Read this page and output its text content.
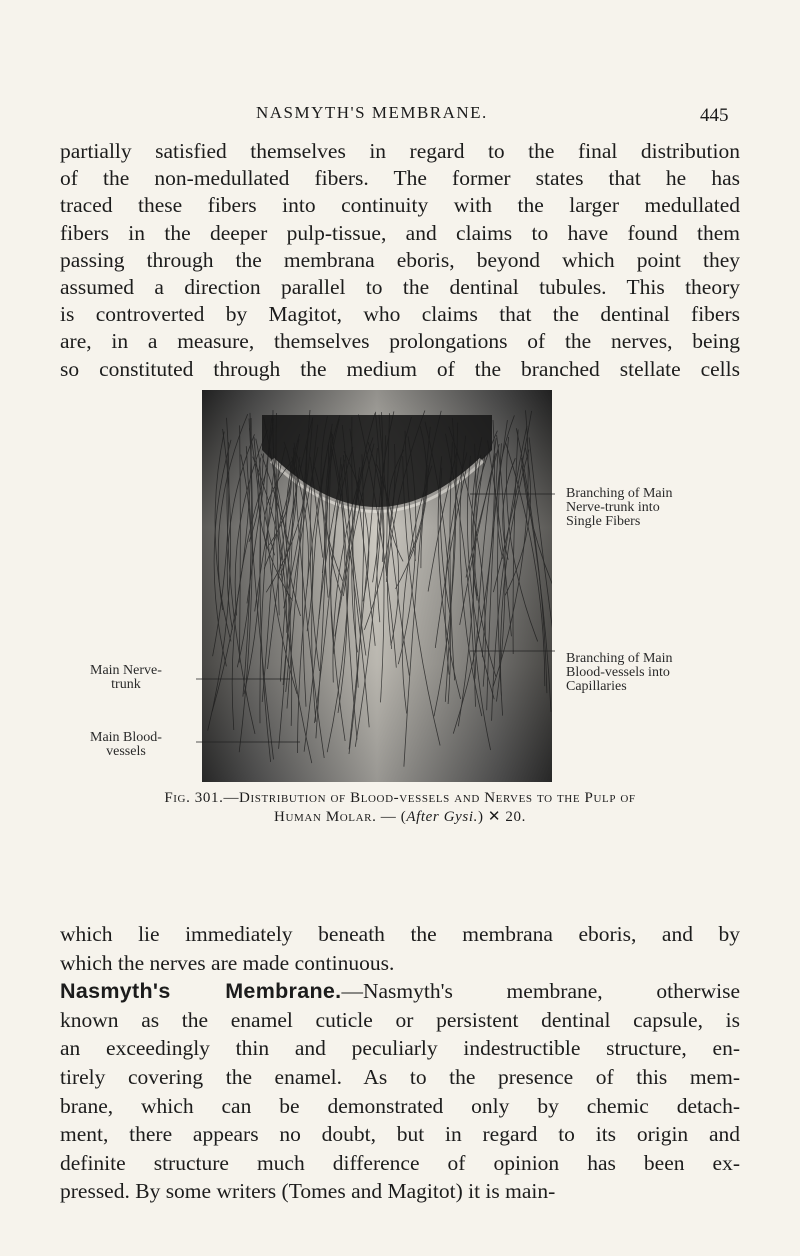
NASMYTH'S MEMBRANE.	445
partially satisfied themselves in regard to the final distribution
of the non-medullated fibers. The former states that he has
traced these fibers into continuity with the larger medullated
fibers in the deeper pulp-tissue, and claims to have found them
passing through the membrana eboris, beyond which point they
assumed a direction parallel to the dentinal tubules. This theory
is controverted by Magitot, who claims that the dentinal fibers
are, in a measure, themselves prolongations of the nerves, being
so constituted through the medium of the branched stellate cells
Branching of Main
Nerve-trunk into
Single Fibers
Branching of Main
Blood-vessels into
Capillaries
Main Nerve-
trunk
Main Blood-
vessels
Fig. 301.—Distribution of Blood-vessels and Nerves to the Pulp of
Human Molar. — (After Gysi.) ✕ 20.
which lie immediately beneath the membrana eboris, and by
which the nerves are made continuous.
Nasmyth's Membrane.—Nasmyth's membrane, otherwise
known as the enamel cuticle or persistent dentinal capsule, is
an exceedingly thin and peculiarly indestructible structure, en-
tirely covering the enamel. As to the presence of this mem-
brane, which can be demonstrated only by chemic detach-
ment, there appears no doubt, but in regard to its origin and
definite structure much difference of opinion has been ex-
pressed. By some writers (Tomes and Magitot) it is main-
